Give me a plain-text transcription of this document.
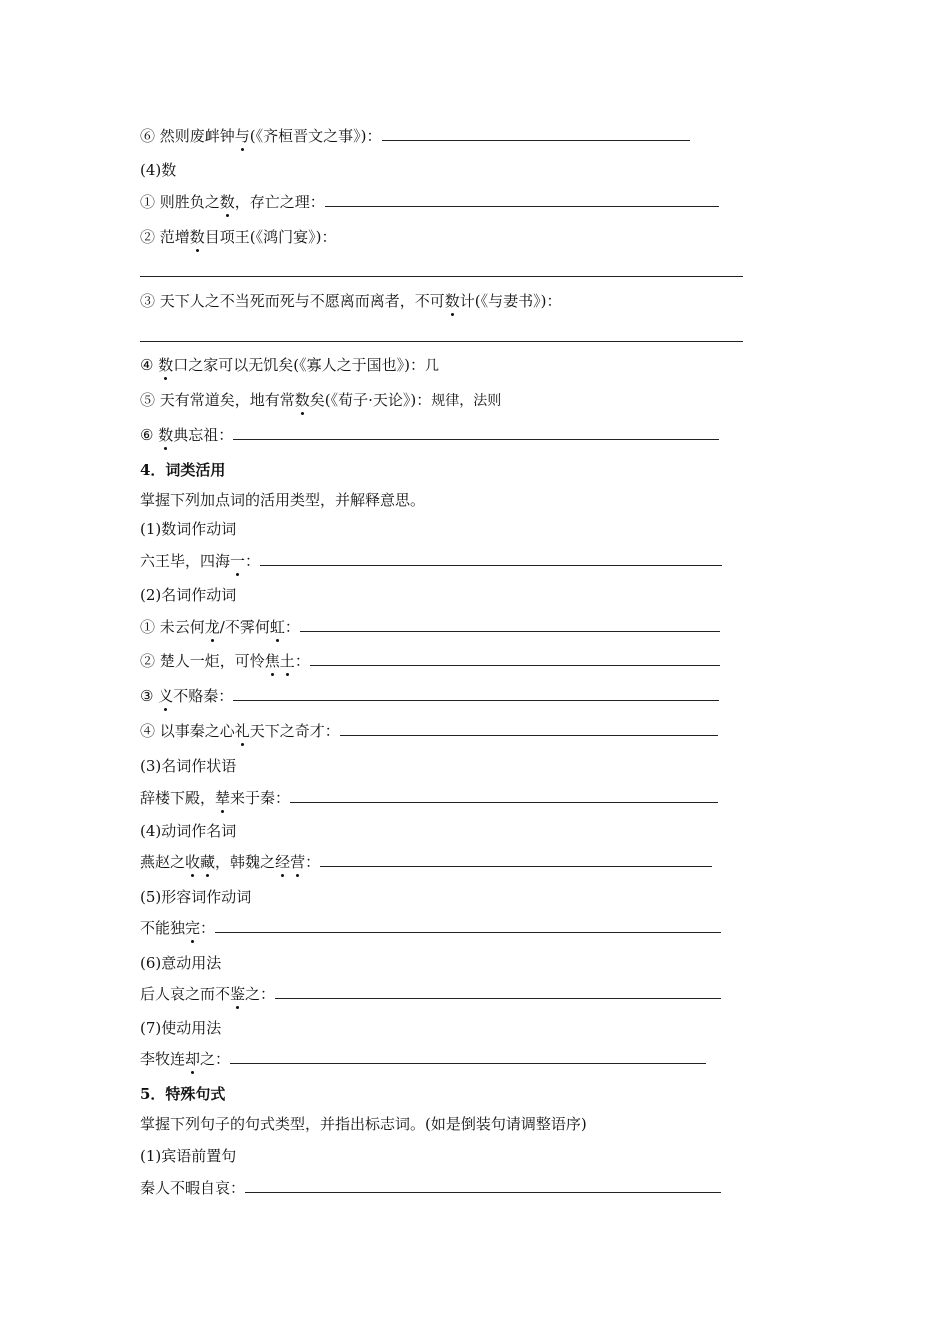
⑥ 然则废衅钟与(《齐桓晋文之事》)：
(4)数
① 则胜负之数，存亡之理：
② 范增数目项王(《鸿门宴》)：
③ 天下人之不当死而死与不愿离而离者，不可数计(《与妻书》)：
④ 数口之家可以无饥矣(《寡人之于国也》)：几
⑤ 天有常道矣，地有常数矣(《荀子·天论》)：规律，法则
⑥ 数典忘祖：
4．词类活用
掌握下列加点词的活用类型，并解释意思。
(1)数词作动词
六王毕，四海一：
(2)名词作动词
① 未云何龙/不霁何虹：
② 楚人一炬，可怜焦土：
③ 义不赂秦：
④ 以事秦之心礼天下之奇才：
(3)名词作状语
辞楼下殿，辇来于秦：
(4)动词作名词
燕赵之收藏，韩魏之经营：
(5)形容词作动词
不能独完：
(6)意动用法
后人哀之而不鉴之：
(7)使动用法
李牧连却之：
5．特殊句式
掌握下列句子的句式类型，并指出标志词。(如是倒装句请调整语序)
(1)宾语前置句
秦人不暇自哀：
